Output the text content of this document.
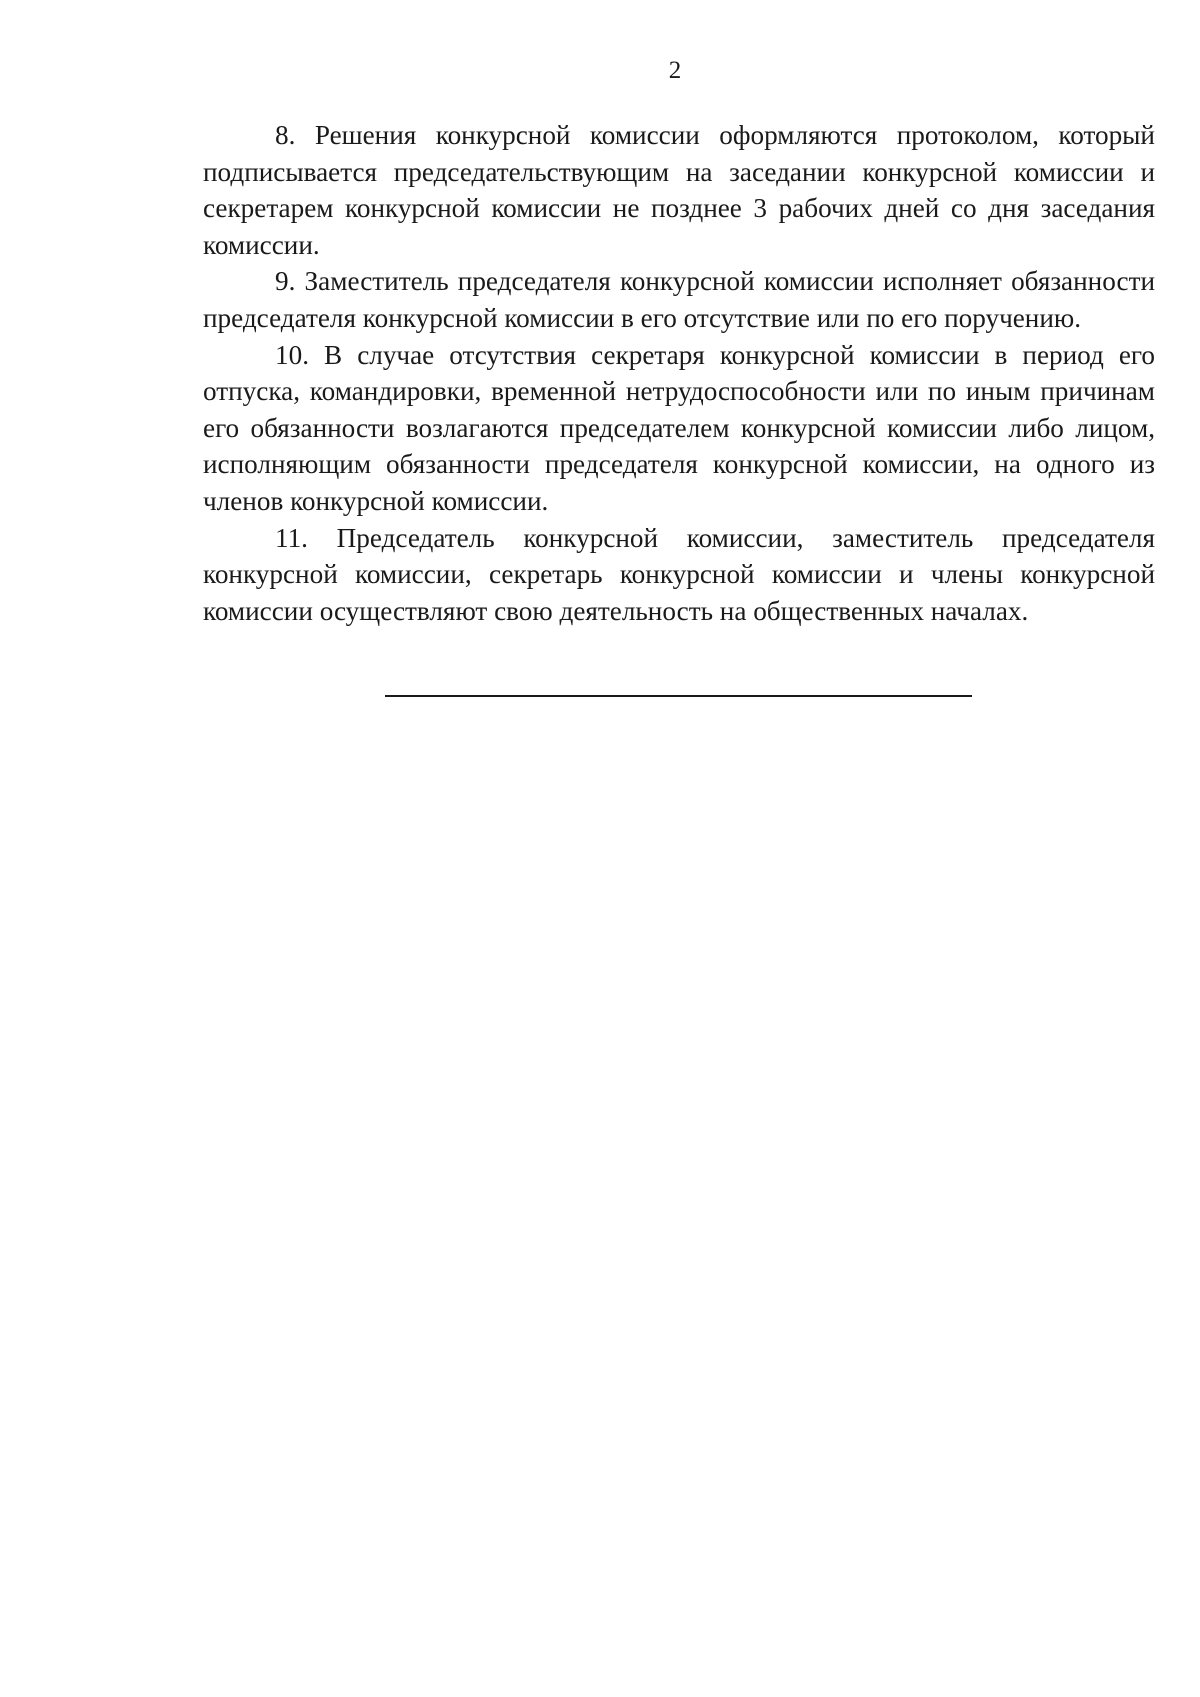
2

8. Решения конкурсной комиссии оформляются протоколом, который подписывается председательствующим на заседании конкурсной комиссии и секретарем конкурсной комиссии не позднее 3 рабочих дней со дня заседания комиссии.

9. Заместитель председателя конкурсной комиссии исполняет обязанности председателя конкурсной комиссии в его отсутствие или по его поручению.

10. В случае отсутствия секретаря конкурсной комиссии в период его отпуска, командировки, временной нетрудоспособности или по иным причинам его обязанности возлагаются председателем конкурсной комиссии либо лицом, исполняющим обязанности председателя конкурсной комиссии, на одного из членов конкурсной комиссии.

11. Председатель конкурсной комиссии, заместитель председателя конкурсной комиссии, секретарь конкурсной комиссии и члены конкурсной комиссии осуществляют свою деятельность на общественных началах.
